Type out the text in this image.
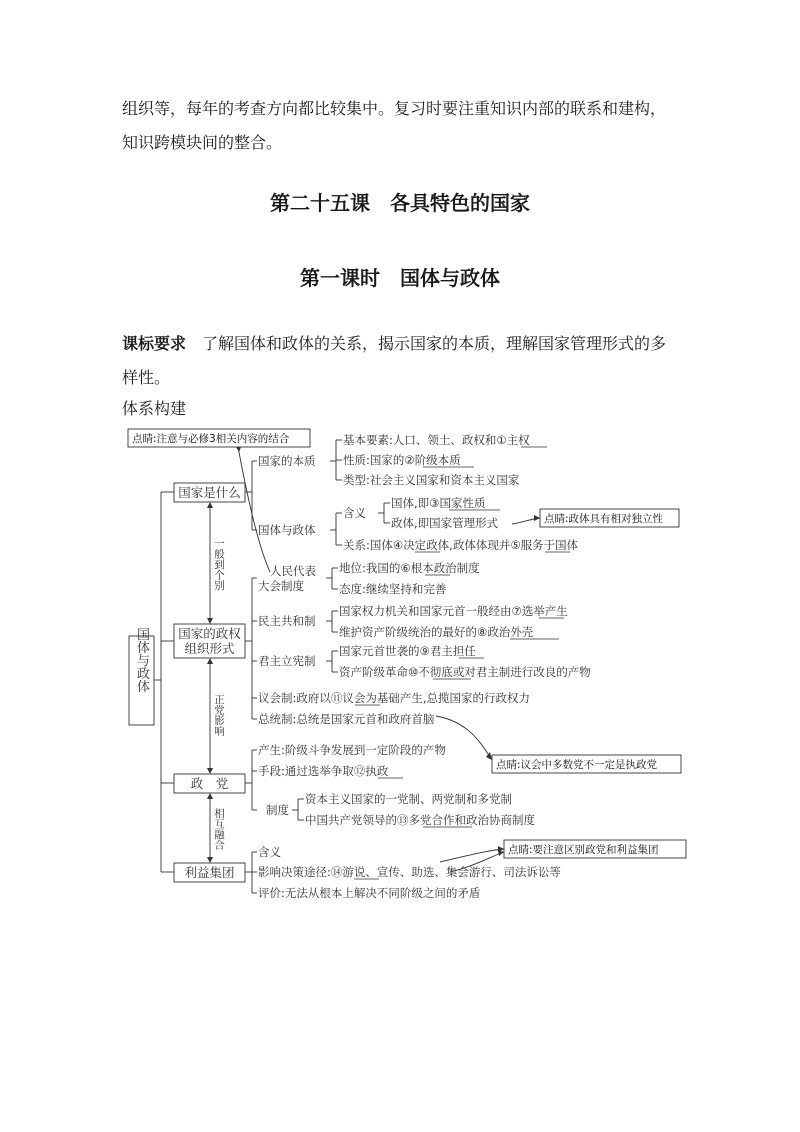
组织等，每年的考查方向都比较集中。复习时要注重知识内部的联系和建构，

知识跨模块间的整合。

第二十五课　各具特色的国家

第一课时　国体与政体

课标要求　了解国体和政体的关系，揭示国家的本质，理解国家管理形式的多

样性。

体系构建

国体与政体
点睛:注意与必修3相关内容的结合
点睛:政体具有相对独立性
点睛:议会中多数党不一定是执政党
点睛:要注意区别政党和利益集团
国家是什么
国家的政权
组织形式
政　党
利益集团
一般到个别
正党影响
相互融合
国家的本质
基本要素:人口、领土、政权和①主权
性质:国家的②阶级本质
类型:社会主义国家和资本主义国家
国体与政体
含义
国体,即③国家性质
政体,即国家管理形式
关系:国体④决定政体,政体体现并⑤服务于国体
人民代表
大会制度
地位:我国的⑥根本政治制度
态度:继续坚持和完善
民主共和制
国家权力机关和国家元首一般经由⑦选举产生
维护资产阶级统治的最好的⑧政治外壳
君主立宪制
国家元首世袭的⑨君主担任
资产阶级革命⑩不彻底或对君主制进行改良的产物
议会制:政府以⑪议会为基础产生,总揽国家的行政权力
总统制:总统是国家元首和政府首脑
产生:阶级斗争发展到一定阶段的产物
手段:通过选举争取⑫执政
制度
资本主义国家的一党制、两党制和多党制
中国共产党领导的⑬多党合作和政治协商制度
含义
影响决策途径:⑭游说、宣传、助选、集会游行、司法诉讼等
评价:无法从根本上解决不同阶级之间的矛盾
